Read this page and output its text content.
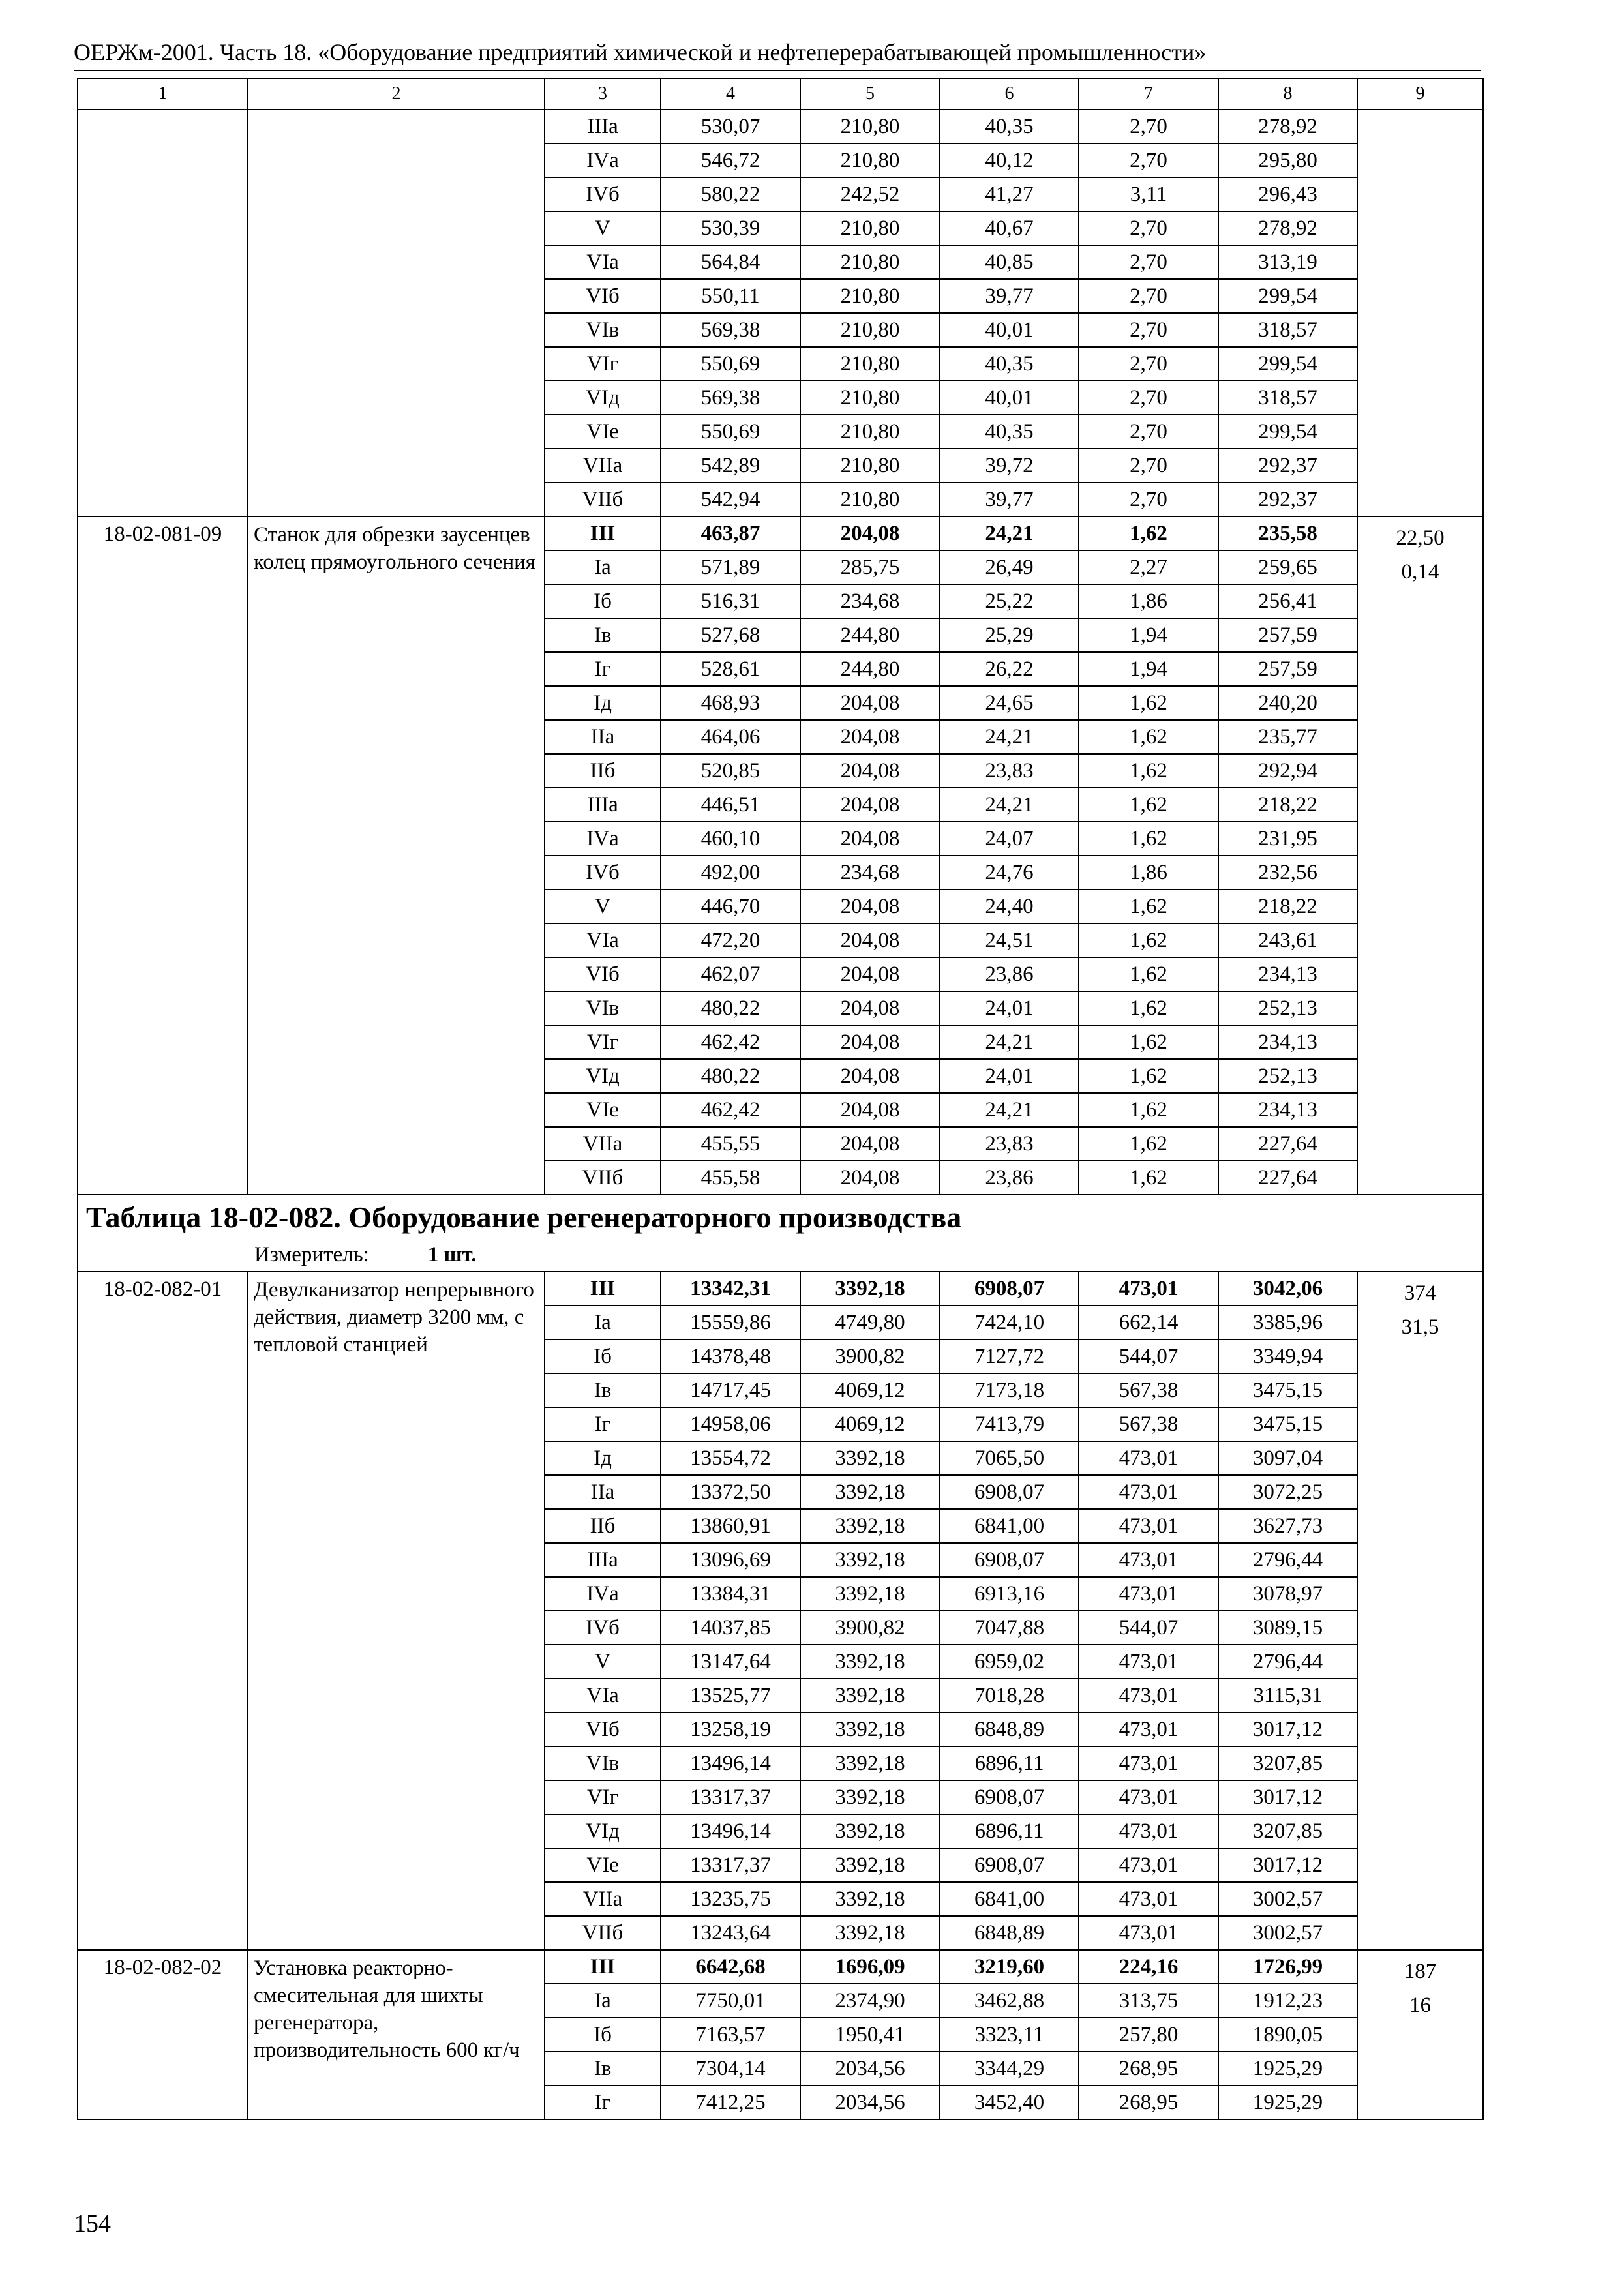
ОЕРЖм-2001. Часть 18. «Оборудование предприятий химической и нефтеперерабатывающей промышленности»
1	2	3	4	5	6	7	8	9
		IIIа	530,07	210,80	40,35	2,70	278,92	
		IVа	546,72	210,80	40,12	2,70	295,80	
		IVб	580,22	242,52	41,27	3,11	296,43	
		V	530,39	210,80	40,67	2,70	278,92	
		VIа	564,84	210,80	40,85	2,70	313,19	
		VIб	550,11	210,80	39,77	2,70	299,54	
		VIв	569,38	210,80	40,01	2,70	318,57	
		VIг	550,69	210,80	40,35	2,70	299,54	
		VIд	569,38	210,80	40,01	2,70	318,57	
		VIе	550,69	210,80	40,35	2,70	299,54	
		VIIа	542,89	210,80	39,72	2,70	292,37	
		VIIб	542,94	210,80	39,77	2,70	292,37	
18-02-081-09	Станок для обрезки заусенцев колец прямоугольного сечения	III	463,87	204,08	24,21	1,62	235,58	22,50
0,14

		Iа	571,89	285,75	26,49	2,27	259,65	
		Iб	516,31	234,68	25,22	1,86	256,41	
		Iв	527,68	244,80	25,29	1,94	257,59	
		Iг	528,61	244,80	26,22	1,94	257,59	
		Iд	468,93	204,08	24,65	1,62	240,20	
		IIа	464,06	204,08	24,21	1,62	235,77	
		IIб	520,85	204,08	23,83	1,62	292,94	
		IIIа	446,51	204,08	24,21	1,62	218,22	
		IVа	460,10	204,08	24,07	1,62	231,95	
		IVб	492,00	234,68	24,76	1,86	232,56	
		V	446,70	204,08	24,40	1,62	218,22	
		VIа	472,20	204,08	24,51	1,62	243,61	
		VIб	462,07	204,08	23,86	1,62	234,13	
		VIв	480,22	204,08	24,01	1,62	252,13	
		VIг	462,42	204,08	24,21	1,62	234,13	
		VIд	480,22	204,08	24,01	1,62	252,13	
		VIе	462,42	204,08	24,21	1,62	234,13	
		VIIа	455,55	204,08	23,83	1,62	227,64	
		VIIб	455,58	204,08	23,86	1,62	227,64	
Таблица 18-02-082. Оборудование регенераторного производства								
Измеритель: 1 шт.								
18-02-082-01	Девулканизатор непрерывного действия, диаметр 3200 мм, с тепловой станцией	III	13342,31	3392,18	6908,07	473,01	3042,06	374
31,5

		Iа	15559,86	4749,80	7424,10	662,14	3385,96	
		Iб	14378,48	3900,82	7127,72	544,07	3349,94	
		Iв	14717,45	4069,12	7173,18	567,38	3475,15	
		Iг	14958,06	4069,12	7413,79	567,38	3475,15	
		Iд	13554,72	3392,18	7065,50	473,01	3097,04	
		IIа	13372,50	3392,18	6908,07	473,01	3072,25	
		IIб	13860,91	3392,18	6841,00	473,01	3627,73	
		IIIа	13096,69	3392,18	6908,07	473,01	2796,44	
		IVа	13384,31	3392,18	6913,16	473,01	3078,97	
		IVб	14037,85	3900,82	7047,88	544,07	3089,15	
		V	13147,64	3392,18	6959,02	473,01	2796,44	
		VIа	13525,77	3392,18	7018,28	473,01	3115,31	
		VIб	13258,19	3392,18	6848,89	473,01	3017,12	
		VIв	13496,14	3392,18	6896,11	473,01	3207,85	
		VIг	13317,37	3392,18	6908,07	473,01	3017,12	
		VIд	13496,14	3392,18	6896,11	473,01	3207,85	
		VIе	13317,37	3392,18	6908,07	473,01	3017,12	
		VIIа	13235,75	3392,18	6841,00	473,01	3002,57	
		VIIб	13243,64	3392,18	6848,89	473,01	3002,57	
18-02-082-02	Установка реакторно-смесительная для шихты регенератора, производительность 600 кг/ч	III	6642,68	1696,09	3219,60	224,16	1726,99	187
16

		Iа	7750,01	2374,90	3462,88	313,75	1912,23	
		Iб	7163,57	1950,41	3323,11	257,80	1890,05	
		Iв	7304,14	2034,56	3344,29	268,95	1925,29	
		Iг	7412,25	2034,56	3452,40	268,95	1925,29	
154
